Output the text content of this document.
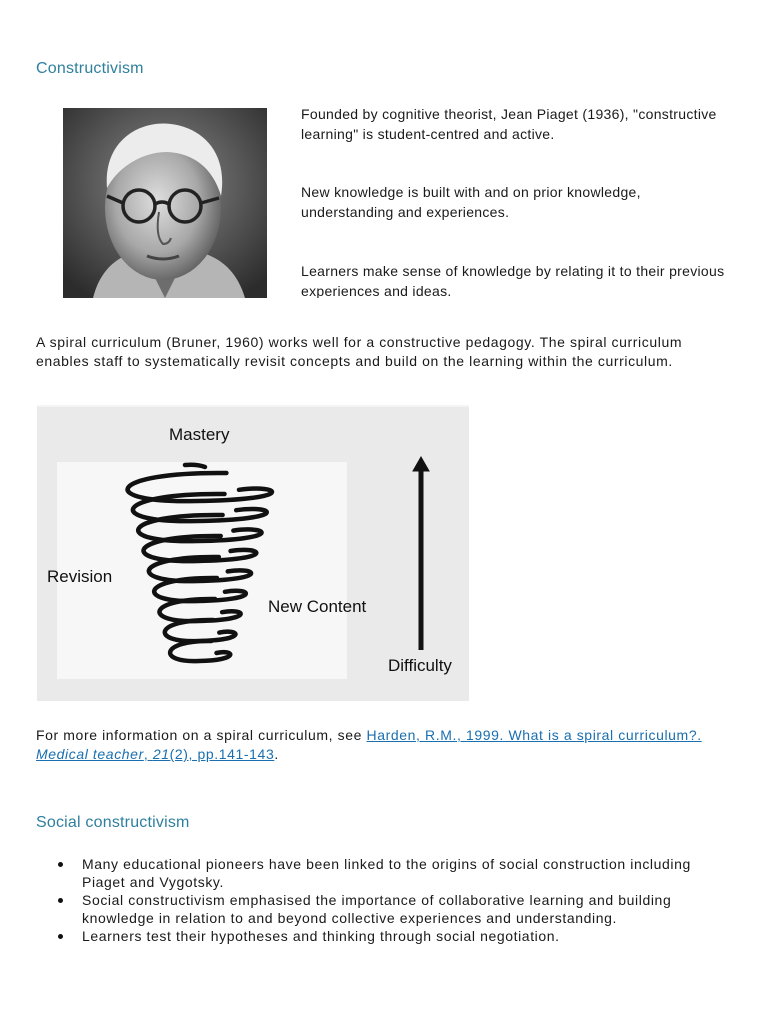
Constructivism

Founded by cognitive theorist, Jean Piaget (1936), "constructive learning" is student-centred and active.

New knowledge is built with and on prior knowledge, understanding and experiences.

Learners make sense of knowledge by relating it to their previous experiences and ideas.

A spiral curriculum (Bruner, 1960) works well for a constructive pedagogy. The spiral curriculum enables staff to systematically revisit concepts and build on the learning within the curriculum.

Mastery
Revision
New Content
Difficulty

For more information on a spiral curriculum, see Harden, R.M., 1999. What is a spiral curriculum?. Medical teacher, 21(2), pp.141-143.

Social constructivism
Many educational pioneers have been linked to the origins of social construction including Piaget and Vygotsky.
Social constructivism emphasised the importance of collaborative learning and building knowledge in relation to and beyond collective experiences and understanding.
Learners test their hypotheses and thinking through social negotiation.
